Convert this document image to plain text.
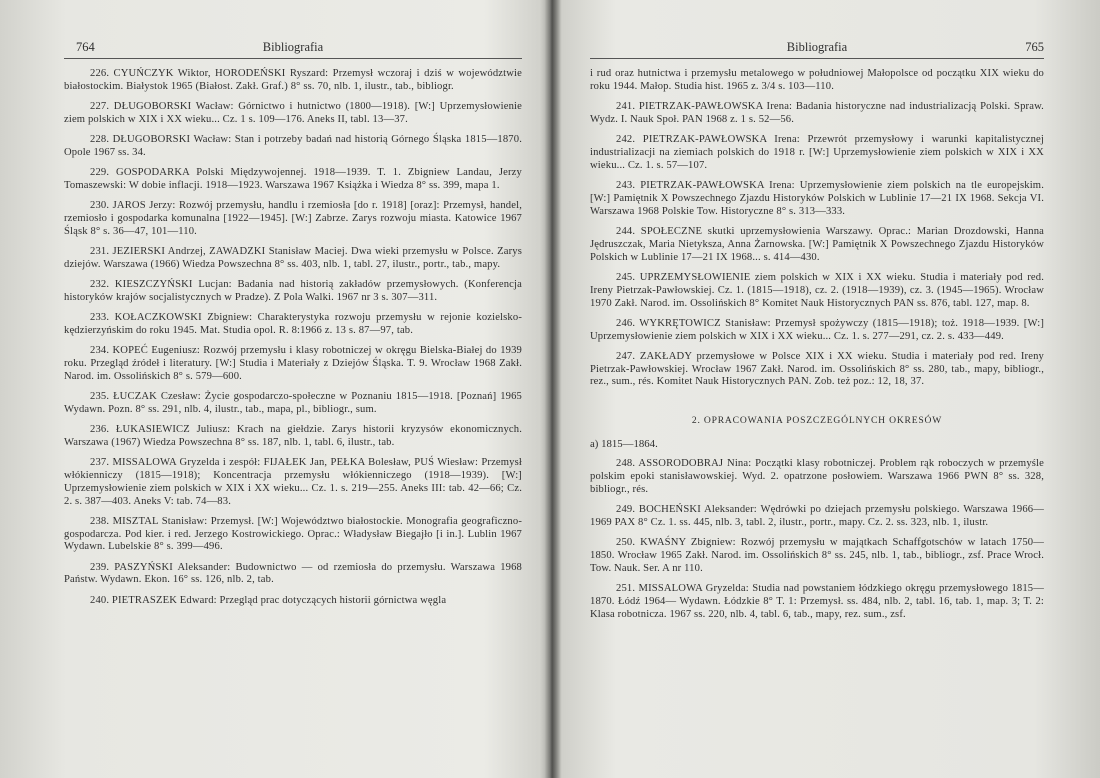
764	Bibliografia

226. CYUŃCZYK Wiktor, HORODEŃSKI Ryszard: Przemysł wczoraj i dziś w województwie białostockim. Białystok 1965 (Białost. Zakł. Graf.) 8° ss. 70, nlb. 1, ilustr., tab., bibliogr.

227. DŁUGOBORSKI Wacław: Górnictwo i hutnictwo (1800—1918). [W:] Uprzemysłowienie ziem polskich w XIX i XX wieku... Cz. 1 s. 109—176. Aneks II, tabl. 13—37.

228. DŁUGOBORSKI Wacław: Stan i potrzeby badań nad historią Górnego Śląska 1815—1870. Opole 1967 ss. 34.

229. GOSPODARKA Polski Międzywojennej. 1918—1939. T. 1. Zbigniew Landau, Jerzy Tomaszewski: W dobie inflacji. 1918—1923. Warszawa 1967 Książka i Wiedza 8° ss. 399, mapa 1.

230. JAROS Jerzy: Rozwój przemysłu, handlu i rzemiosła [do r. 1918] [oraz]: Przemysł, handel, rzemiosło i gospodarka komunalna [1922—1945]. [W:] Zabrze. Zarys rozwoju miasta. Katowice 1967 Śląsk 8° s. 36—47, 101—110.

231. JEZIERSKI Andrzej, ZAWADZKI Stanisław Maciej. Dwa wieki przemysłu w Polsce. Zarys dziejów. Warszawa (1966) Wiedza Powszechna 8° ss. 403, nlb. 1, tabl. 27, ilustr., portr., tab., mapy.

232. KIESZCZYŃSKI Lucjan: Badania nad historią zakładów przemysłowych. (Konferencja historyków krajów socjalistycznych w Pradze). Z Pola Walki. 1967 nr 3 s. 307—311.

233. KOŁACZKOWSKI Zbigniew: Charakterystyka rozwoju przemysłu w rejonie kozielsko-kędzierzyńskim do roku 1945. Mat. Studia opol. R. 8:1966 z. 13 s. 87—97, tab.

234. KOPEĆ Eugeniusz: Rozwój przemysłu i klasy robotniczej w okręgu Bielska-Białej do 1939 roku. Przegląd źródeł i literatury. [W:] Studia i Materiały z Dziejów Śląska. T. 9. Wrocław 1968 Zakł. Narod. im. Ossolińskich 8° s. 579—600.

235. ŁUCZAK Czesław: Życie gospodarczo-społeczne w Poznaniu 1815—1918. [Poznań] 1965 Wydawn. Pozn. 8° ss. 291, nlb. 4, ilustr., tab., mapa, pl., bibliogr., sum.

236. ŁUKASIEWICZ Juliusz: Krach na giełdzie. Zarys historii kryzysów ekonomicznych. Warszawa (1967) Wiedza Powszechna 8° ss. 187, nlb. 1, tabl. 6, ilustr., tab.

237. MISSALOWA Gryzelda i zespół: FIJAŁEK Jan, PEŁKA Bolesław, PUŚ Wiesław: Przemysł włókienniczy (1815—1918); Koncentracja przemysłu włókienniczego (1918—1939). [W:] Uprzemysłowienie ziem polskich w XIX i XX wieku... Cz. 1. s. 219—255. Aneks III: tab. 42—66; Cz. 2. s. 387—403. Aneks V: tab. 74—83.

238. MISZTAL Stanisław: Przemysł. [W:] Województwo białostockie. Monografia geograficzno-gospodarcza. Pod kier. i red. Jerzego Kostrowickiego. Oprac.: Władysław Biegajło [i in.]. Lublin 1967 Wydawn. Lubelskie 8° s. 399—496.

239. PASZYŃSKI Aleksander: Budownictwo — od rzemiosła do przemysłu. Warszawa 1968 Państw. Wydawn. Ekon. 16° ss. 126, nlb. 2, tab.

240. PIETRASZEK Edward: Przegląd prac dotyczących historii górnictwa węgla

Bibliografia	765

i rud oraz hutnictwa i przemysłu metalowego w południowej Małopolsce od początku XIX wieku do roku 1944. Małop. Studia hist. 1965 z. 3/4 s. 103—110.

241. PIETRZAK-PAWŁOWSKA Irena: Badania historyczne nad industrializacją Polski. Spraw. Wydz. I. Nauk Społ. PAN 1968 z. 1 s. 52—56.

242. PIETRZAK-PAWŁOWSKA Irena: Przewrót przemysłowy i warunki kapitalistycznej industrializacji na ziemiach polskich do 1918 r. [W:] Uprzemysłowienie ziem polskich w XIX i XX wieku... Cz. 1. s. 57—107.

243. PIETRZAK-PAWŁOWSKA Irena: Uprzemysłowienie ziem polskich na tle europejskim. [W:] Pamiętnik X Powszechnego Zjazdu Historyków Polskich w Lublinie 17—21 IX 1968. Sekcja VI. Warszawa 1968 Polskie Tow. Historyczne 8° s. 313—333.

244. SPOŁECZNE skutki uprzemysłowienia Warszawy. Oprac.: Marian Drozdowski, Hanna Jędruszczak, Maria Nietyksza, Anna Żarnowska. [W:] Pamiętnik X Powszechnego Zjazdu Historyków Polskich w Lublinie 17—21 IX 1968... s. 414—430.

245. UPRZEMYSŁOWIENIE ziem polskich w XIX i XX wieku. Studia i materiały pod red. Ireny Pietrzak-Pawłowskiej. Cz. 1. (1815—1918), cz. 2. (1918—1939), cz. 3. (1945—1965). Wrocław 1970 Zakł. Narod. im. Ossolińskich 8° Komitet Nauk Historycznych PAN ss. 876, tabl. 127, map. 8.

246. WYKRĘTOWICZ Stanisław: Przemysł spożywczy (1815—1918); toż. 1918—1939. [W:] Uprzemysłowienie ziem polskich w XIX i XX wieku... Cz. 1. s. 277—291, cz. 2. s. 433—449.

247. ZAKŁADY przemysłowe w Polsce XIX i XX wieku. Studia i materiały pod red. Ireny Pietrzak-Pawłowskiej. Wrocław 1967 Zakł. Narod. im. Ossolińskich 8° ss. 280, tab., mapy, bibliogr., rez., sum., rés. Komitet Nauk Historycznych PAN. Zob. też poz.: 12, 18, 37.

2. OPRACOWANIA POSZCZEGÓLNYCH OKRESÓW
a) 1815—1864.

248. ASSORODOBRAJ Nina: Początki klasy robotniczej. Problem rąk roboczych w przemyśle polskim epoki stanisławowskiej. Wyd. 2. opatrzone posłowiem. Warszawa 1966 PWN 8° ss. 328, bibliogr., rés.

249. BOCHEŃSKI Aleksander: Wędrówki po dziejach przemysłu polskiego. Warszawa 1966—1969 PAX 8° Cz. 1. ss. 445, nlb. 3, tabl. 2, ilustr., portr., mapy. Cz. 2. ss. 323, nlb. 1, ilustr.

250. KWAŚNY Zbigniew: Rozwój przemysłu w majątkach Schaffgotschów w latach 1750—1850. Wrocław 1965 Zakł. Narod. im. Ossolińskich 8° ss. 245, nlb. 1, tab., bibliogr., zsf. Prace Wrocł. Tow. Nauk. Ser. A nr 110.

251. MISSALOWA Gryzelda: Studia nad powstaniem łódzkiego okręgu przemysłowego 1815—1870. Łódź 1964— Wydawn. Łódzkie 8° T. 1: Przemysł. ss. 484, nlb. 2, tabl. 16, tab. 1, map. 3; T. 2: Klasa robotnicza. 1967 ss. 220, nlb. 4, tabl. 6, tab., mapy, rez. sum., zsf.
